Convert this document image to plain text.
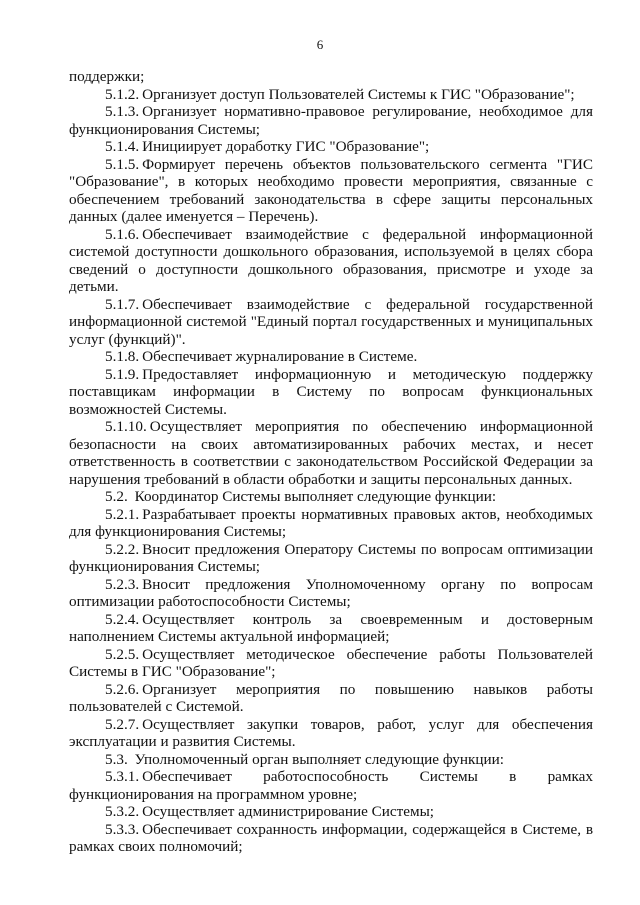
6

поддержки;

5.1.2. Организует доступ Пользователей Системы к ГИС "Образование";

5.1.3. Организует нормативно-правовое регулирование, необходимое для функционирования Системы;

5.1.4. Инициирует доработку ГИС "Образование";

5.1.5. Формирует перечень объектов пользовательского сегмента "ГИС "Образование", в которых необходимо провести мероприятия, связанные с обеспечением требований законодательства в сфере защиты персональных данных (далее именуется – Перечень).

5.1.6. Обеспечивает взаимодействие с федеральной информационной системой доступности дошкольного образования, используемой в целях сбора сведений о доступности дошкольного образования, присмотре и уходе за детьми.

5.1.7. Обеспечивает взаимодействие с федеральной государственной информационной системой "Единый портал государственных и муниципальных услуг (функций)".

5.1.8. Обеспечивает журналирование в Системе.

5.1.9. Предоставляет информационную и методическую поддержку поставщикам информации в Систему по вопросам функциональных возможностей Системы.

5.1.10. Осуществляет мероприятия по обеспечению информационной безопасности на своих автоматизированных рабочих местах, и несет ответственность в соответствии с законодательством Российской Федерации за нарушения требований в области обработки и защиты персональных данных.

5.2. Координатор Системы выполняет следующие функции:

5.2.1. Разрабатывает проекты нормативных правовых актов, необходимых для функционирования Системы;

5.2.2. Вносит предложения Оператору Системы по вопросам оптимизации функционирования Системы;

5.2.3. Вносит предложения Уполномоченному органу по вопросам оптимизации работоспособности Системы;

5.2.4. Осуществляет контроль за своевременным и достоверным наполнением Системы актуальной информацией;

5.2.5. Осуществляет методическое обеспечение работы Пользователей Системы в ГИС "Образование";

5.2.6. Организует мероприятия по повышению навыков работы пользователей с Системой.

5.2.7. Осуществляет закупки товаров, работ, услуг для обеспечения эксплуатации и развития Системы.

5.3. Уполномоченный орган выполняет следующие функции:

5.3.1. Обеспечивает работоспособность Системы в рамках функционирования на программном уровне;

5.3.2. Осуществляет администрирование Системы;

5.3.3. Обеспечивает сохранность информации, содержащейся в Системе, в рамках своих полномочий;
